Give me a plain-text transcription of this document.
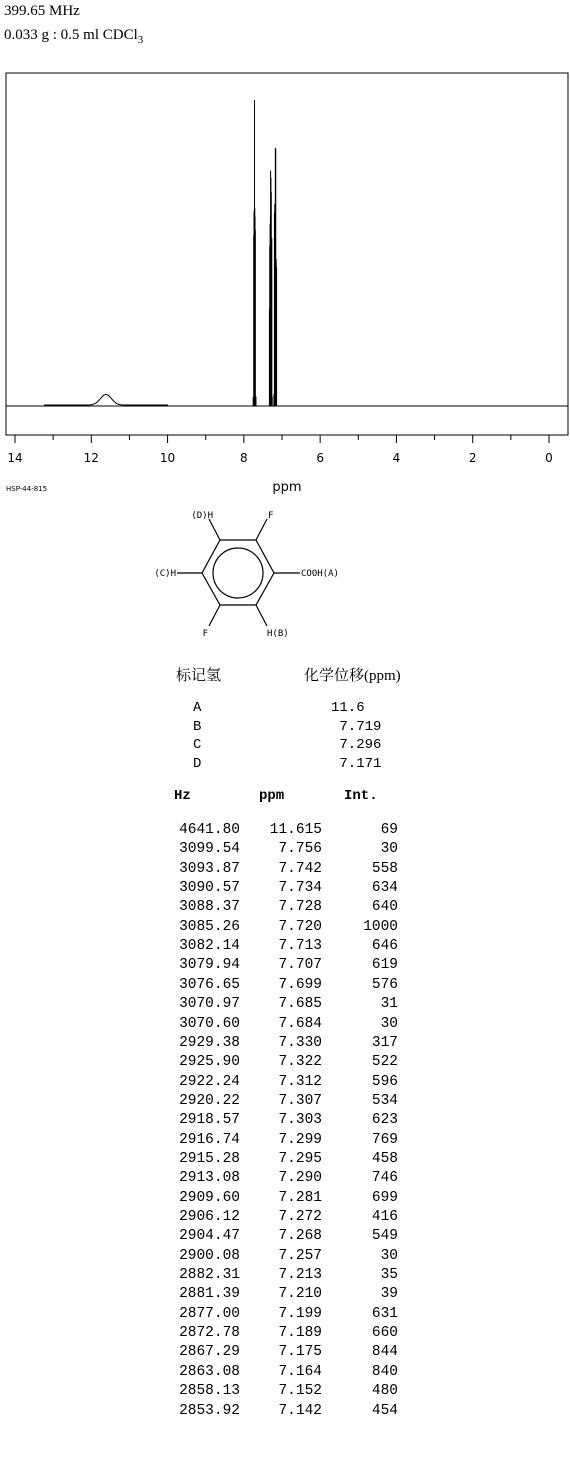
399.65 MHz
0.033 g : 0.5 ml CDCl$_3$
14	12	10	8	6	4	2	0
ppm
HSP-44-815
(D)H	F
(C)H	COOH(A)
F	H(B)
标记氢	化学位移(ppm)
A	11.6
B	7.719
C	7.296
D	7.171
Hz	ppm	Int.
4641.80	11.615	69
3099.54	7.756	30
3093.87	7.742	558
3090.57	7.734	634
3088.37	7.728	640
3085.26	7.720	1000
3082.14	7.713	646
3079.94	7.707	619
3076.65	7.699	576
3070.97	7.685	31
3070.60	7.684	30
2929.38	7.330	317
2925.90	7.322	522
2922.24	7.312	596
2920.22	7.307	534
2918.57	7.303	623
2916.74	7.299	769
2915.28	7.295	458
2913.08	7.290	746
2909.60	7.281	699
2906.12	7.272	416
2904.47	7.268	549
2900.08	7.257	30
2882.31	7.213	35
2881.39	7.210	39
2877.00	7.199	631
2872.78	7.189	660
2867.29	7.175	844
2863.08	7.164	840
2858.13	7.152	480
2853.92	7.142	454
